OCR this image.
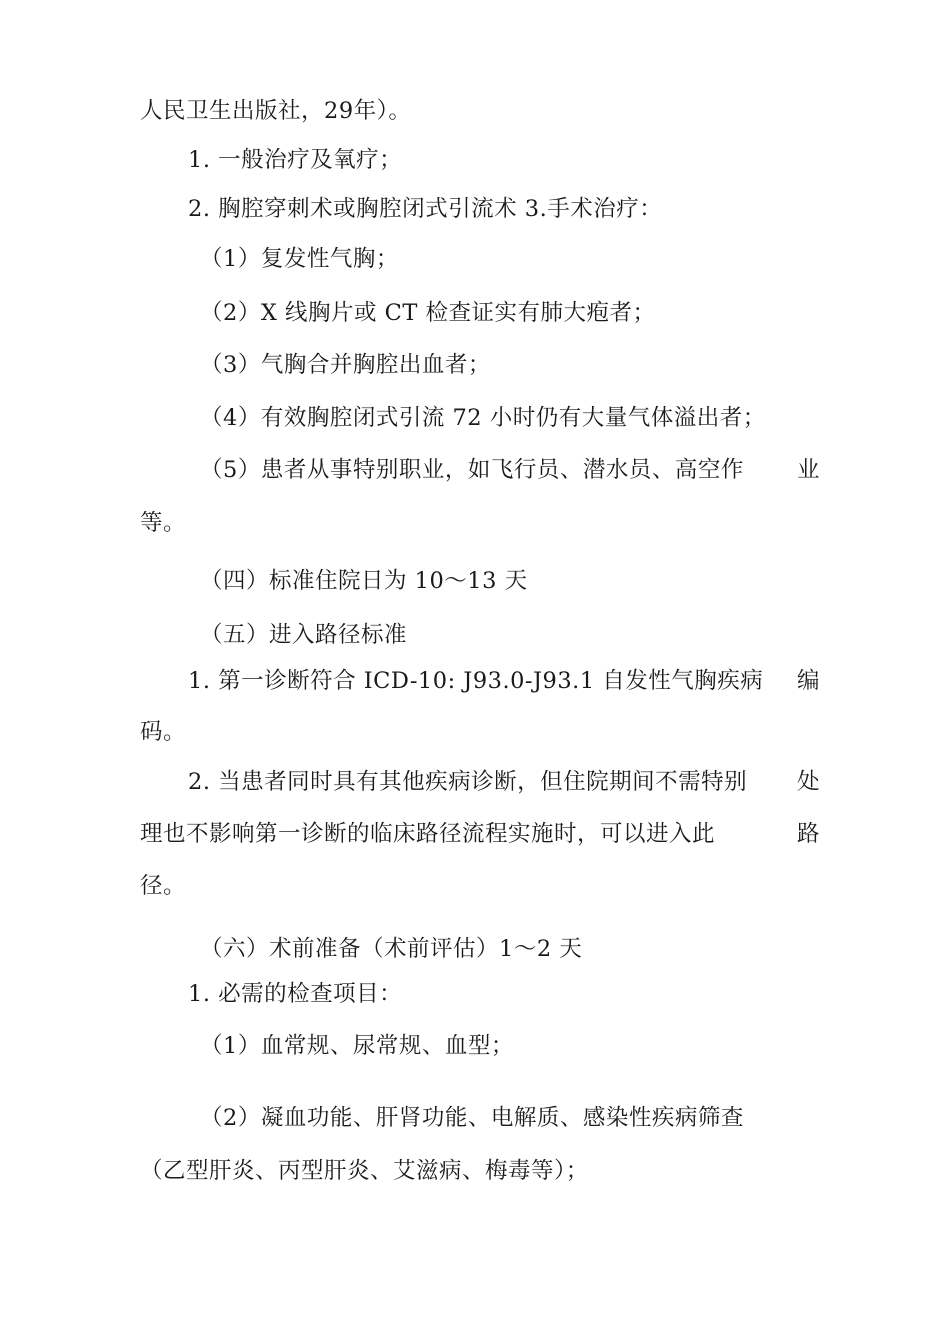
人民卫生出版社，29年）。
1. 一般治疗及氧疗；
2. 胸腔穿刺术或胸腔闭式引流术 3.手术治疗：
（1）复发性气胸；
（2）X 线胸片或 CT 检查证实有肺大疱者；
（3）气胸合并胸腔出血者；
（4）有效胸腔闭式引流 72 小时仍有大量气体溢出者；
（5）患者从事特别职业，如飞行员、潜水员、高空作 业
等。
（四）标准住院日为 10〜13 天
（五）进入路径标准
1. 第一诊断符合 ICD-10: J93.0-J93.1 自发性气胸疾病 编
码。
2. 当患者同时具有其他疾病诊断，但住院期间不需特别 处
理也不影响第一诊断的临床路径流程实施时，可以进入此	路
径。
（六）术前准备（术前评估）1〜2 天
1. 必需的检查项目：
（1）血常规、尿常规、血型；
（2）凝血功能、肝肾功能、电解质、感染性疾病筛查
（乙型肝炎、丙型肝炎、艾滋病、梅毒等）；
